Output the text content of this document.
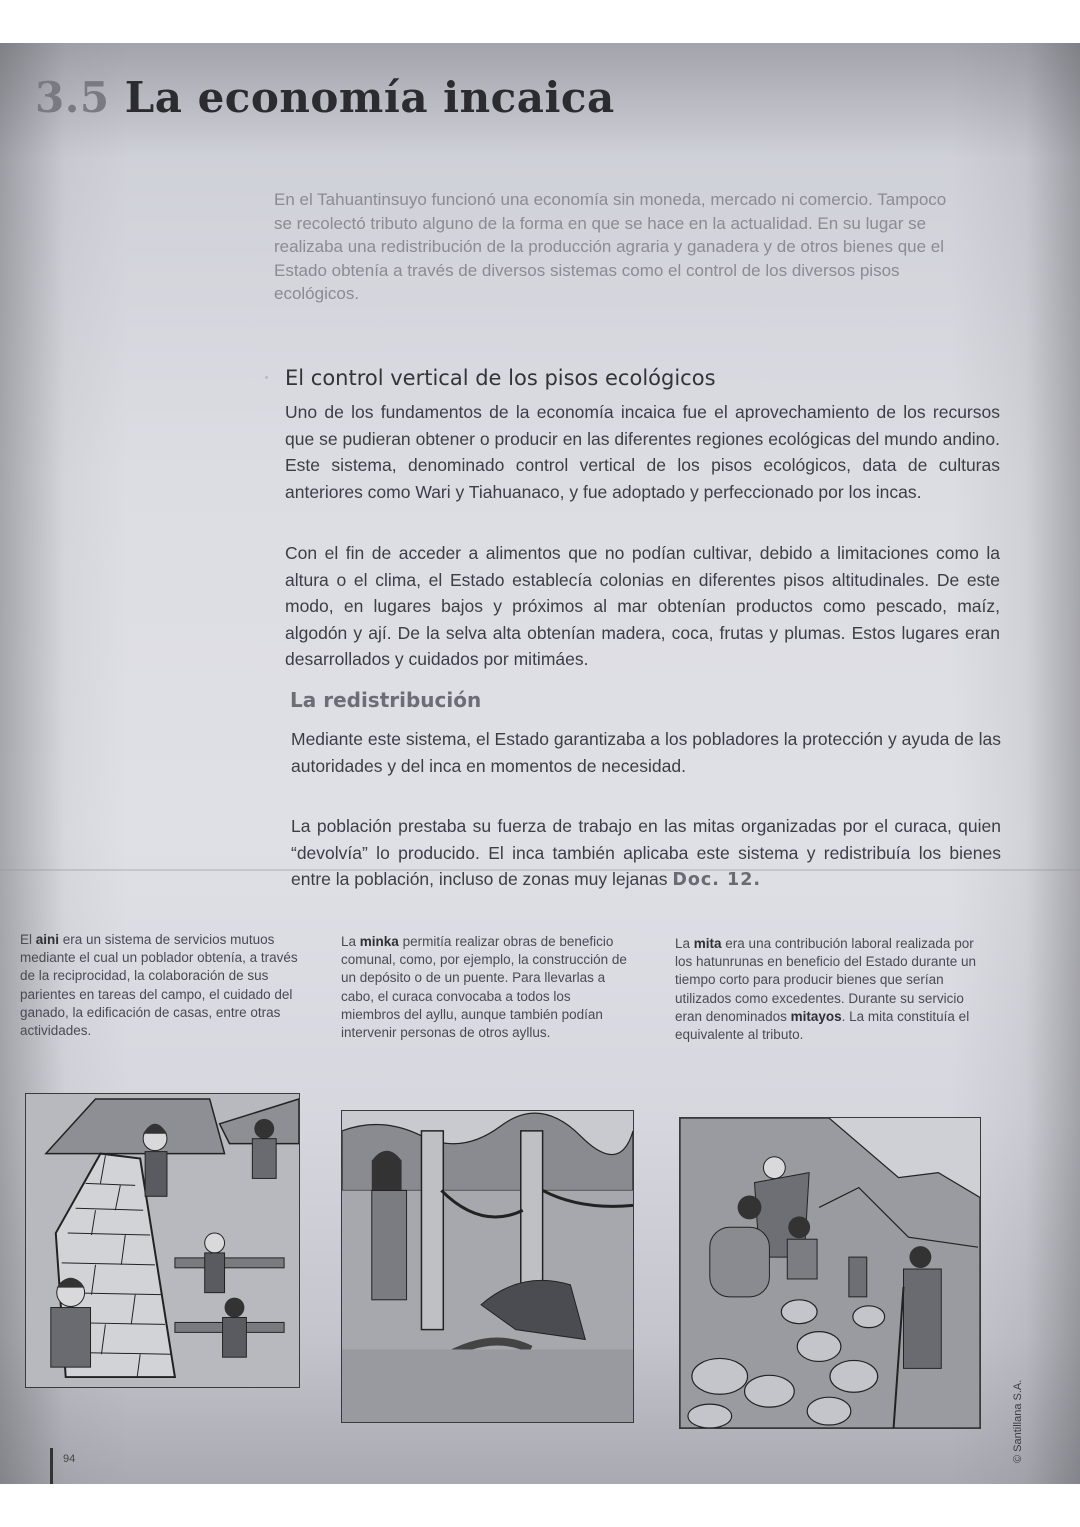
3.5 La economía incaica

En el Tahuantinsuyo funcionó una economía sin moneda, mercado ni comercio. Tampoco se recolectó tributo alguno de la forma en que se hace en la actualidad. En su lugar se realizaba una redistribución de la producción agraria y ganadera y de otros bienes que el Estado obtenía a través de diversos sistemas como el control de los diversos pisos ecológicos.

El control vertical de los pisos ecológicos

Uno de los fundamentos de la economía incaica fue el aprovechamiento de los recursos que se pudieran obtener o producir en las diferentes regiones ecológicas del mundo andino. Este sistema, denominado control vertical de los pisos ecológicos, data de culturas anteriores como Wari y Tiahuanaco, y fue adoptado y perfeccionado por los incas.

Con el fin de acceder a alimentos que no podían cultivar, debido a limitaciones como la altura o el clima, el Estado establecía colonias en diferentes pisos altitudinales. De este modo, en lugares bajos y próximos al mar obtenían productos como pescado, maíz, algodón y ají. De la selva alta obtenían madera, coca, frutas y plumas. Estos lugares eran desarrollados y cuidados por mitimáes.

La redistribución

Mediante este sistema, el Estado garantizaba a los pobladores la protección y ayuda de las autoridades y del inca en momentos de necesidad.

La población prestaba su fuerza de trabajo en las mitas organizadas por el curaca, quien “devolvía” lo producido. El inca también aplicaba este sistema y redistribuía los bienes entre la población, incluso de zonas muy lejanas Doc. 12.

El aini era un sistema de servicios mutuos mediante el cual un poblador obtenía, a través de la reciprocidad, la colaboración de sus parientes en tareas del campo, el cuidado del ganado, la edificación de casas, entre otras actividades.

La minka permitía realizar obras de beneficio comunal, como, por ejemplo, la construcción de un depósito o de un puente. Para llevarlas a cabo, el curaca convocaba a todos los miembros del ayllu, aunque también podían intervenir personas de otros ayllus.

La mita era una contribución laboral realizada por los hatunrunas en beneficio del Estado durante un tiempo corto para producir bienes que serían utilizados como excedentes. Durante su servicio eran denominados mitayos. La mita constituía el equivalente al tributo.

94	© Santillana S.A.
